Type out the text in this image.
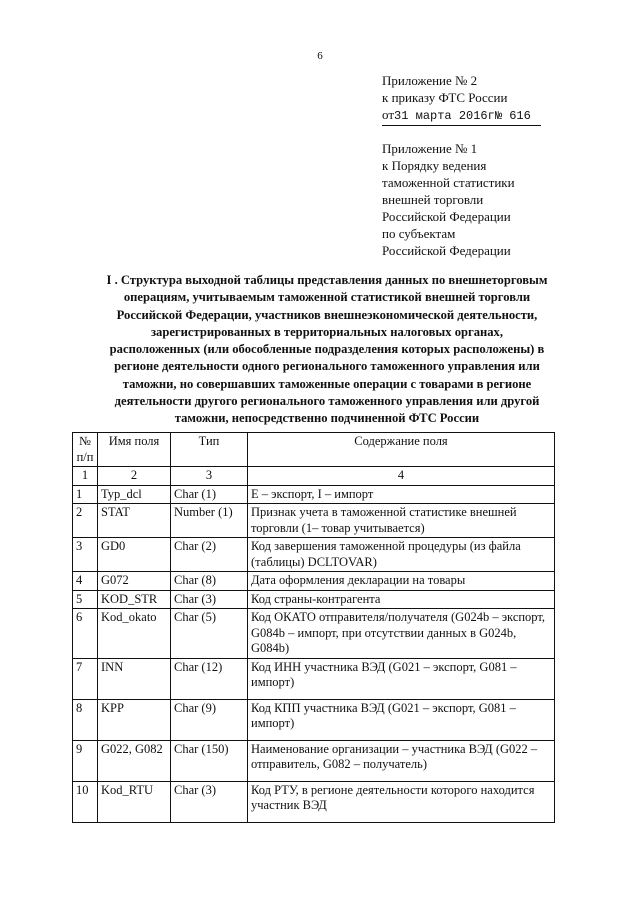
6
Приложение № 2
к приказу ФТС России
от31 марта 2016г№ 616
Приложение № 1
к Порядку ведения
таможенной статистики
внешней торговли
Российской Федерации
по субъектам
Российской Федерации
I . Структура выходной таблицы представления данных по внешнеторговым
операциям, учитываемым таможенной статистикой внешней торговли
Российской Федерации, участников внешнеэкономической деятельности,
зарегистрированных в территориальных налоговых органах,
расположенных (или обособленные подразделения которых расположены) в
регионе деятельности одного регионального таможенного управления или
таможни, но совершавших таможенные операции с товарами в регионе
деятельности другого регионального таможенного управления или другой
таможни, непосредственно подчиненной ФТС России
№ п/п	Имя поля	Тип	Содержание поля
1	2	3	4
1	Typ_dcl	Char (1)	E – экспорт, I – импорт
2	STAT	Number (1)	Признак учета в таможенной статистике внешней торговли (1– товар учитывается)
3	GD0	Char (2)	Код завершения таможенной процедуры (из файла (таблицы) DCLTOVAR)
4	G072	Char (8)	Дата оформления декларации на товары
5	KOD_STR	Char (3)	Код страны-контрагента
6	Kod_okato	Char (5)	Код ОКАТО отправителя/получателя (G024b – экспорт, G084b – импорт, при отсутствии данных в G024b, G084b)
7	INN	Char (12)	Код ИНН участника ВЭД (G021 – экспорт, G081 – импорт)
8	KPP	Char (9)	Код КПП участника ВЭД (G021 – экспорт, G081 – импорт)
9	G022, G082	Char (150)	Наименование организации – участника ВЭД (G022 – отправитель, G082 – получатель)
10	Kod_RTU	Char (3)	Код РТУ, в регионе деятельности которого находится участник ВЭД
